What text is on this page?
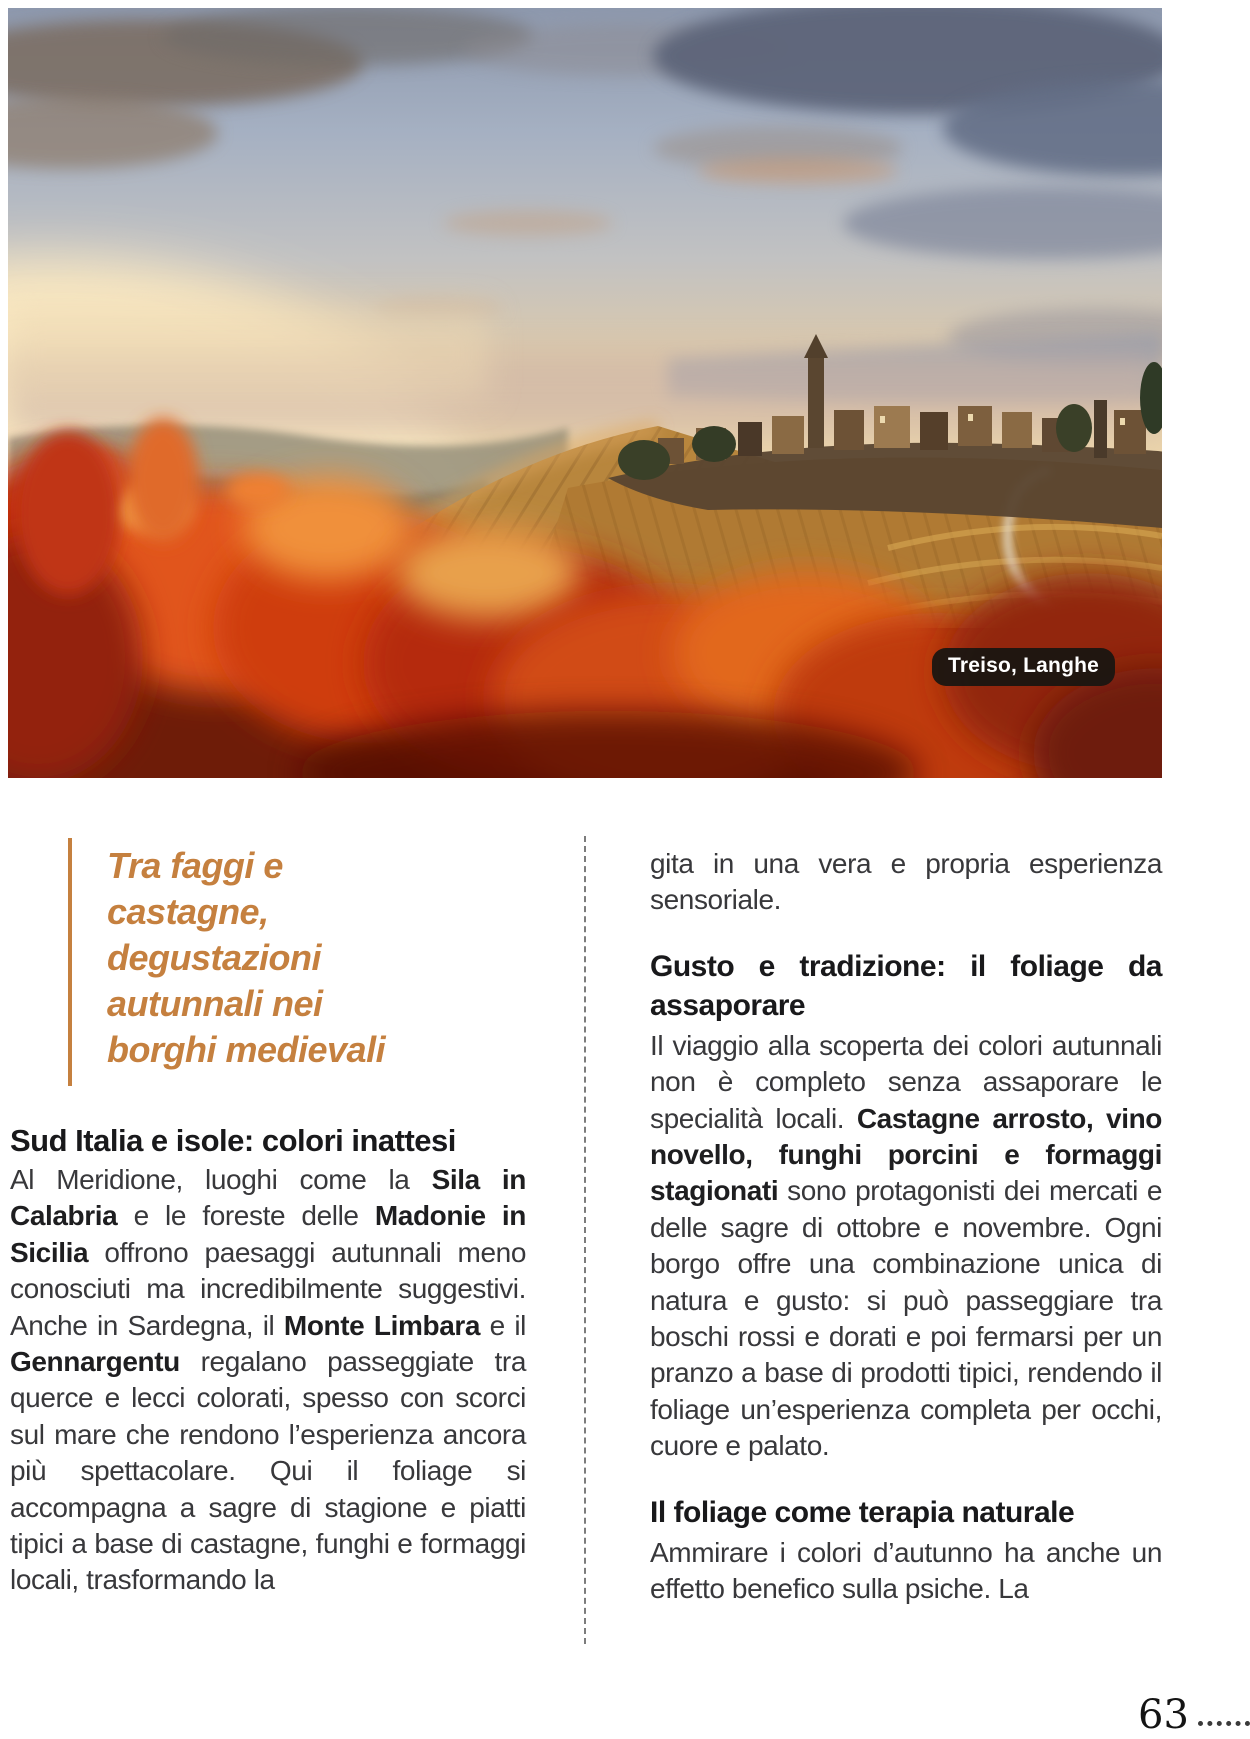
Treiso, Langhe
Tra faggi e
castagne,
degustazioni
autunnali nei
borghi medievali
Sud Italia e isole: colori inattesi

Al Meridione, luoghi come la Sila in Calabria e le foreste delle Madonie in Sicilia offrono paesaggi autunnali meno conosciuti ma incredibilmente suggestivi. Anche in Sardegna, il Monte Limbara e il Gennargentu regalano passeggiate tra querce e lecci colorati, spesso con scorci sul mare che rendono l’esperienza ancora più spettacolare. Qui il foliage si accompagna a sagre di stagione e piatti tipici a base di castagne, funghi e formaggi locali, trasformando la

gita in una vera e propria esperienza sensoriale.

Gusto e tradizione: il foliage da assaporare

Il viaggio alla scoperta dei colori autunnali non è completo senza assaporare le specialità locali. Castagne arrosto, vino novello, funghi porcini e formaggi stagionati sono protagonisti dei mercati e delle sagre di ottobre e novembre. Ogni borgo offre una combinazione unica di natura e gusto: si può passeggiare tra boschi rossi e dorati e poi fermarsi per un pranzo a base di prodotti tipici, rendendo il foliage un’esperienza completa per occhi, cuore e palato.

Il foliage come terapia naturale

Ammirare i colori d’autunno ha anche un effetto benefico sulla psiche. La

63
